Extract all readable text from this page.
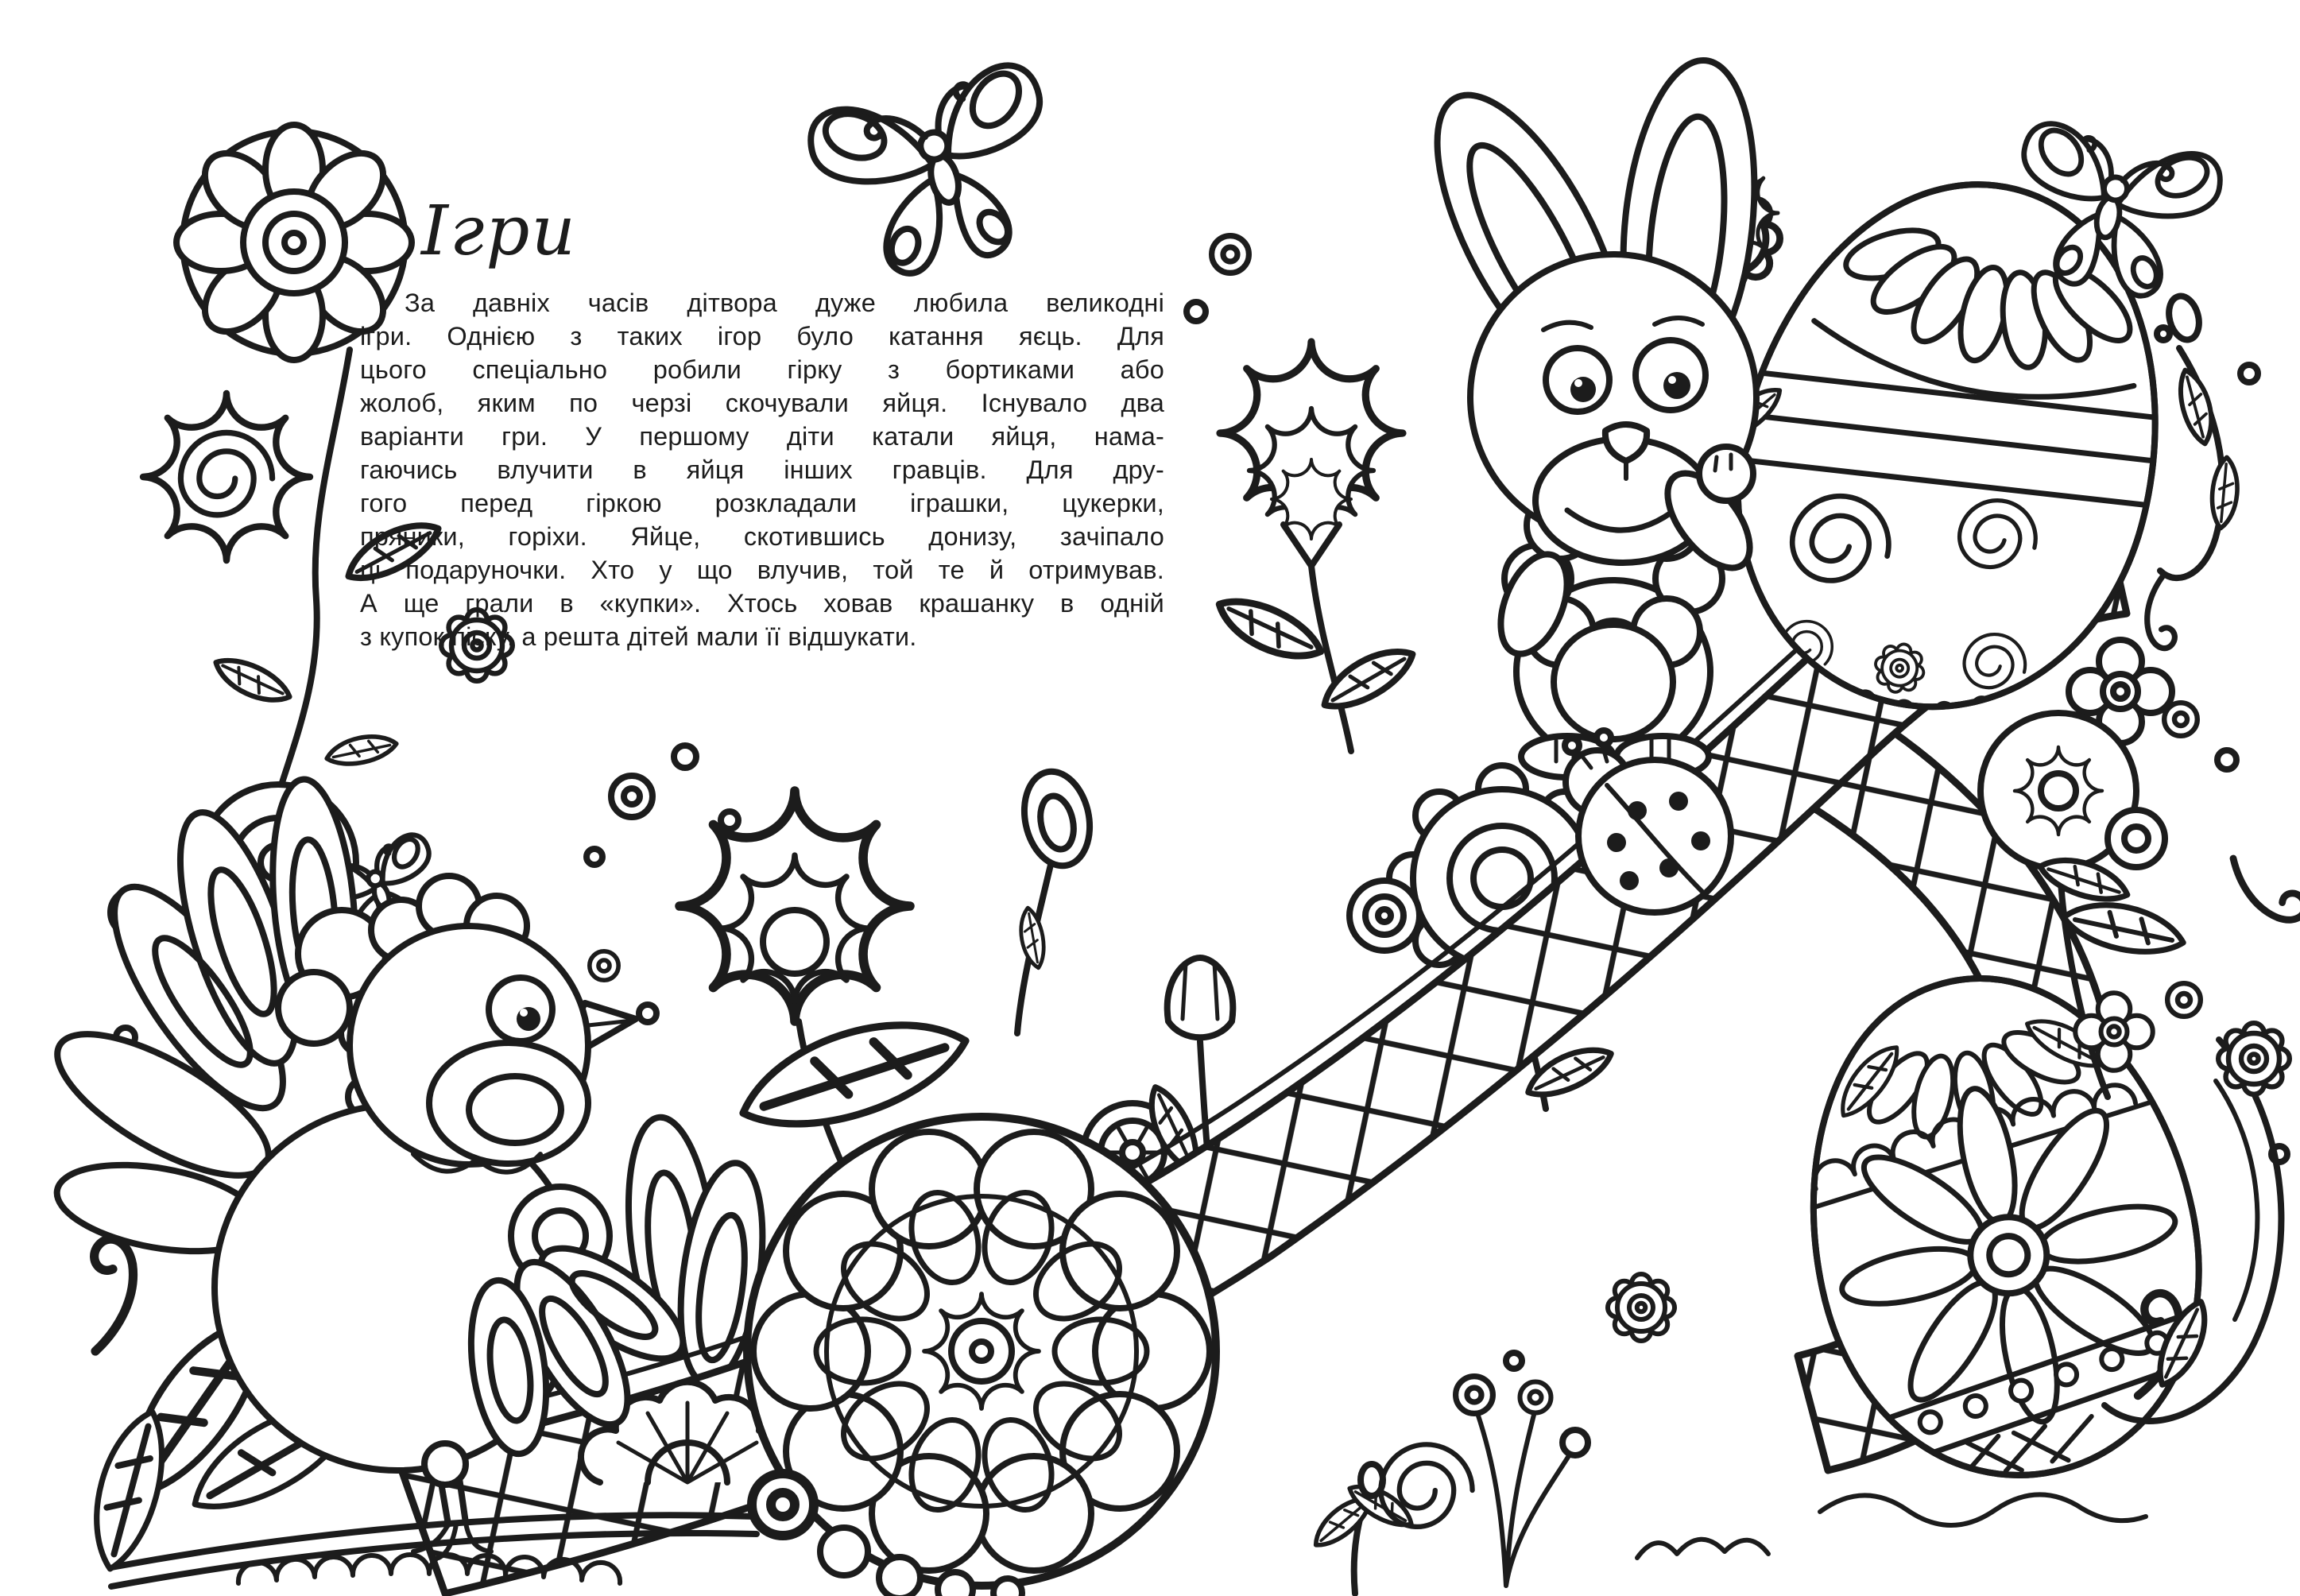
Ігри
За давніх часів дітвора дуже любила великодні
ігри. Однією з таких ігор було катання яєць. Для
цього спеціально робили гірку з бортиками або
жолоб, яким по черзі скочували яйця. Існувало два
варіанти гри. У першому діти катали яйця, нама-
гаючись влучити в яйця інших гравців. Для дру-
гого перед гіркою розкладали іграшки, цукерки,
пряники, горіхи. Яйце, скотившись донизу, зачіпало
ці подаруночки. Хто у що влучив, той те й отримував.
А ще грали в «купки». Хтось ховав крашанку в одній
з купок піску, а решта дітей мали її відшукати.
